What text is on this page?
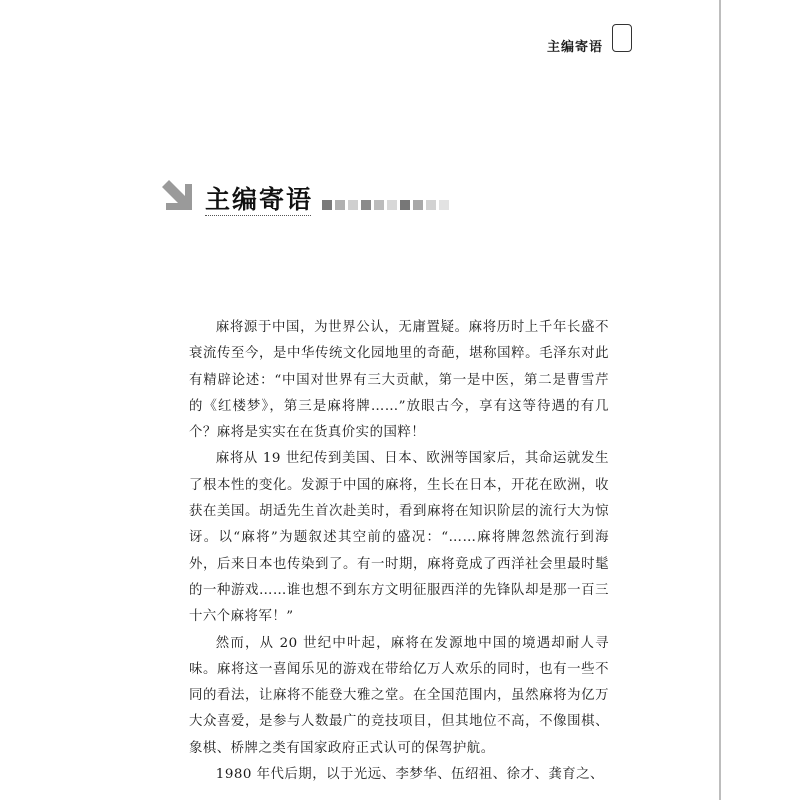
主编寄语
主编寄语

麻将源于中国，为世界公认，无庸置疑。麻将历时上千年长盛不衰流传至今，是中华传统文化园地里的奇葩，堪称国粹。毛泽东对此有精辟论述：“中国对世界有三大贡献，第一是中医，第二是曹雪芹的《红楼梦》，第三是麻将牌……”放眼古今，享有这等待遇的有几个？麻将是实实在在货真价实的国粹！

麻将从 19 世纪传到美国、日本、欧洲等国家后，其命运就发生了根本性的变化。发源于中国的麻将，生长在日本，开花在欧洲，收获在美国。胡适先生首次赴美时，看到麻将在知识阶层的流行大为惊讶。以“麻将”为题叙述其空前的盛况：“……麻将牌忽然流行到海外，后来日本也传染到了。有一时期，麻将竟成了西洋社会里最时髦的一种游戏……谁也想不到东方文明征服西洋的先锋队却是那一百三十六个麻将军！”

然而，从 20 世纪中叶起，麻将在发源地中国的境遇却耐人寻味。麻将这一喜闻乐见的游戏在带给亿万人欢乐的同时，也有一些不同的看法，让麻将不能登大雅之堂。在全国范围内，虽然麻将为亿万大众喜爱，是参与人数最广的竞技项目，但其地位不高，不像围棋、象棋、桥牌之类有国家政府正式认可的保驾护航。

1980 年代后期，以于光远、李梦华、伍绍祖、徐才、龚育之、
